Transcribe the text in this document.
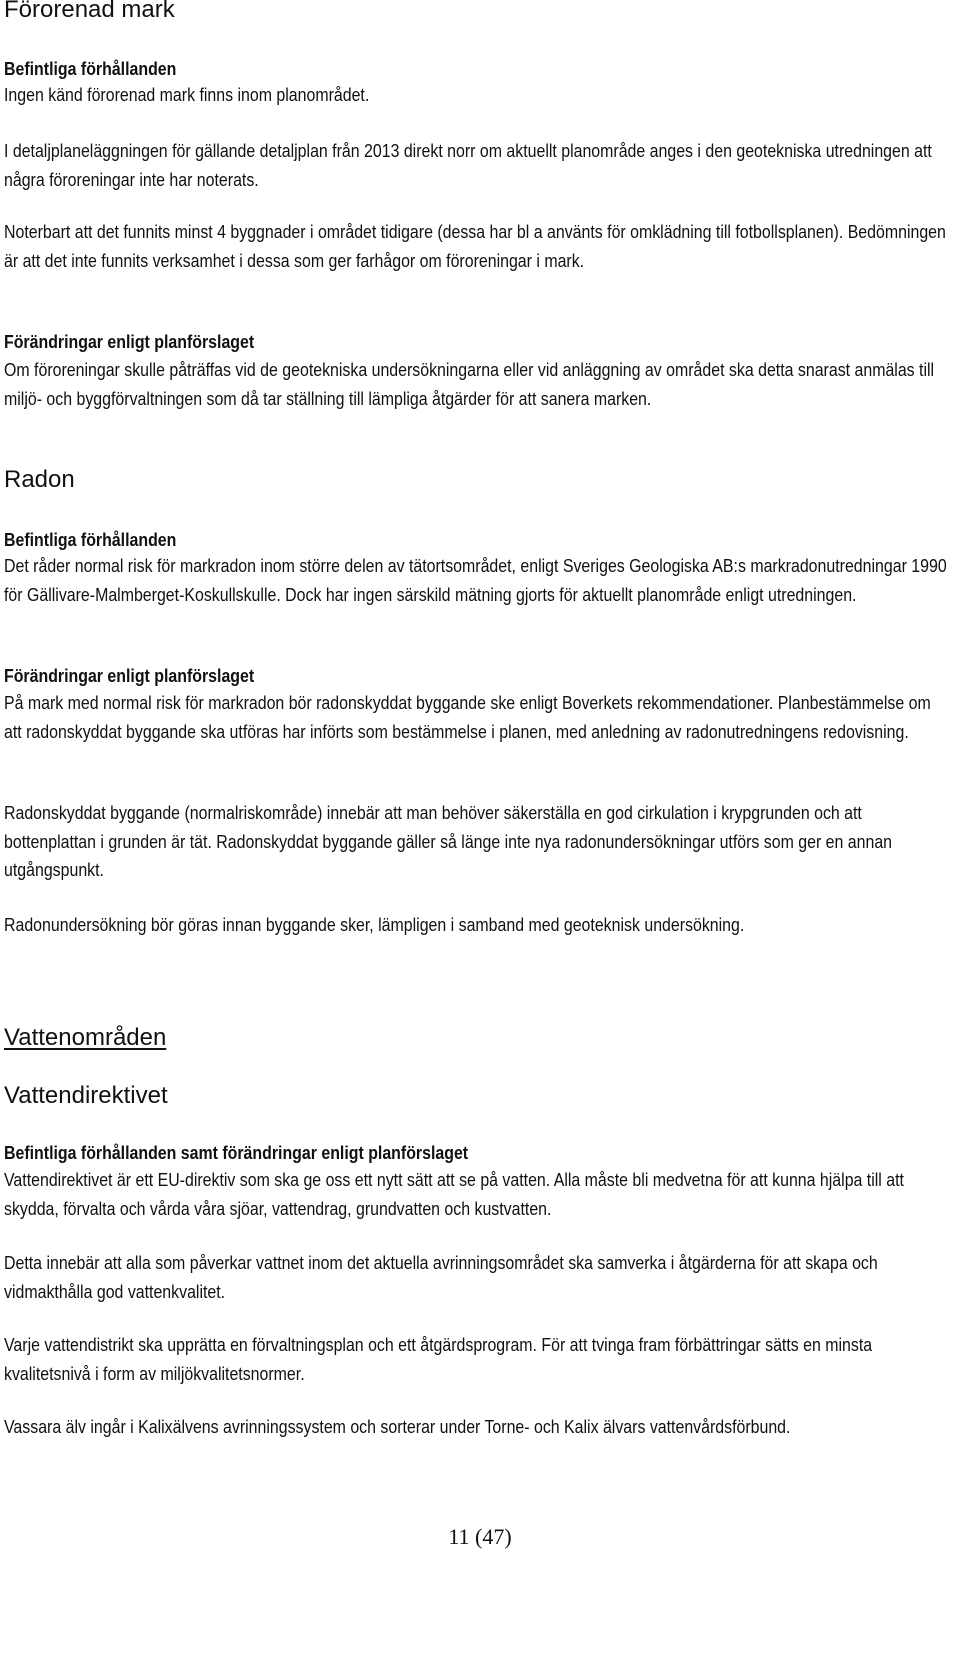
Förorenad mark
Befintliga förhållanden

Ingen känd förorenad mark finns inom planområdet.

I detaljplaneläggningen för gällande detaljplan från 2013 direkt norr om aktuellt planområde anges i den geotekniska utredningen att några föroreningar inte har noterats.

Noterbart att det funnits minst 4 byggnader i området tidigare (dessa har bl a använts för omklädning till fotbollsplanen). Bedömningen är att det inte funnits verksamhet i dessa som ger farhågor om föroreningar i mark.

Förändringar enligt planförslaget

Om föroreningar skulle påträffas vid de geotekniska undersökningarna eller vid anläggning av området ska detta snarast anmälas till miljö- och byggförvaltningen som då tar ställning till lämpliga åtgärder för att sanera marken.

Radon
Befintliga förhållanden

Det råder normal risk för markradon inom större delen av tätortsområdet, enligt Sveriges Geologiska AB:s markradonutredningar 1990 för Gällivare-Malmberget-Koskullskulle. Dock har ingen särskild mätning gjorts för aktuellt planområde enligt utredningen.

Förändringar enligt planförslaget

På mark med normal risk för markradon bör radonskyddat byggande ske enligt Boverkets rekommendationer. Planbestämmelse om att radonskyddat byggande ska utföras har införts som bestämmelse i planen, med anledning av radonutredningens redovisning.

Radonskyddat byggande (normalriskområde) innebär att man behöver säkerställa en god cirkulation i krypgrunden och att bottenplattan i grunden är tät. Radonskyddat byggande gäller så länge inte nya radonundersökningar utförs som ger en annan utgångspunkt.

Radonundersökning bör göras innan byggande sker, lämpligen i samband med geoteknisk undersökning.

Vattenområden
Vattendirektivet
Befintliga förhållanden samt förändringar enligt planförslaget

Vattendirektivet är ett EU-direktiv som ska ge oss ett nytt sätt att se på vatten. Alla måste bli medvetna för att kunna hjälpa till att skydda, förvalta och vårda våra sjöar, vattendrag, grundvatten och kustvatten.

Detta innebär att alla som påverkar vattnet inom det aktuella avrinningsområdet ska samverka i åtgärderna för att skapa och vidmakthålla god vattenkvalitet.

Varje vattendistrikt ska upprätta en förvaltningsplan och ett åtgärdsprogram. För att tvinga fram förbättringar sätts en minsta kvalitetsnivå i form av miljökvalitetsnormer.

Vassara älv ingår i Kalixälvens avrinningssystem och sorterar under Torne- och Kalix älvars vattenvårdsförbund.

11 (47)
